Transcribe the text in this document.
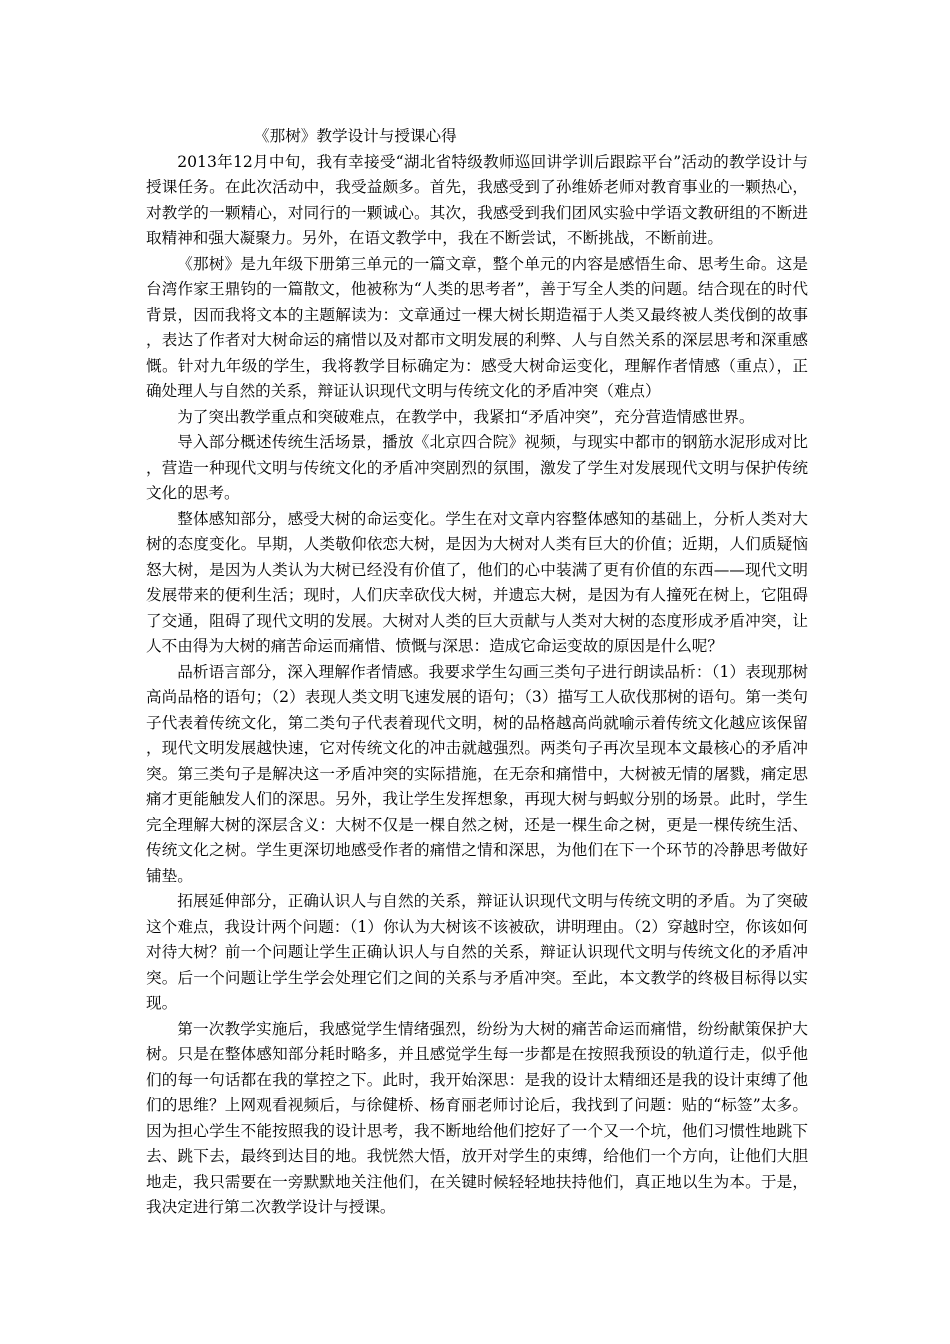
《那树》教学设计与授课心得

2013年12月中旬，我有幸接受“湖北省特级教师巡回讲学训后跟踪平台”活动的教学设计与授课任务。在此次活动中，我受益颇多。首先，我感受到了孙维娇老师对教育事业的一颗热心，对教学的一颗精心，对同行的一颗诚心。其次，我感受到我们团风实验中学语文教研组的不断进取精神和强大凝聚力。另外，在语文教学中，我在不断尝试，不断挑战，不断前进。

《那树》是九年级下册第三单元的一篇文章，整个单元的内容是感悟生命、思考生命。这是台湾作家王鼎钧的一篇散文，他被称为“人类的思考者”，善于写全人类的问题。结合现在的时代背景，因而我将文本的主题解读为：文章通过一棵大树长期造福于人类又最终被人类伐倒的故事，表达了作者对大树命运的痛惜以及对都市文明发展的利弊、人与自然关系的深层思考和深重感慨。针对九年级的学生，我将教学目标确定为：感受大树命运变化，理解作者情感（重点），正确处理人与自然的关系，辩证认识现代文明与传统文化的矛盾冲突（难点）

为了突出教学重点和突破难点，在教学中，我紧扣“矛盾冲突”，充分营造情感世界。

导入部分概述传统生活场景，播放《北京四合院》视频，与现实中都市的钢筋水泥形成对比，营造一种现代文明与传统文化的矛盾冲突剧烈的氛围，激发了学生对发展现代文明与保护传统文化的思考。

整体感知部分，感受大树的命运变化。学生在对文章内容整体感知的基础上，分析人类对大树的态度变化。早期，人类敬仰依恋大树，是因为大树对人类有巨大的价值；近期，人们质疑恼怒大树，是因为人类认为大树已经没有价值了，他们的心中装满了更有价值的东西——现代文明发展带来的便利生活；现时，人们庆幸砍伐大树，并遗忘大树，是因为有人撞死在树上，它阻碍了交通，阻碍了现代文明的发展。大树对人类的巨大贡献与人类对大树的态度形成矛盾冲突，让人不由得为大树的痛苦命运而痛惜、愤慨与深思：造成它命运变故的原因是什么呢？

品析语言部分，深入理解作者情感。我要求学生勾画三类句子进行朗读品析：（1）表现那树高尚品格的语句；（2）表现人类文明飞速发展的语句；（3）描写工人砍伐那树的语句。第一类句子代表着传统文化，第二类句子代表着现代文明，树的品格越高尚就喻示着传统文化越应该保留，现代文明发展越快速，它对传统文化的冲击就越强烈。两类句子再次呈现本文最核心的矛盾冲突。第三类句子是解决这一矛盾冲突的实际措施，在无奈和痛惜中，大树被无情的屠戮，痛定思痛才更能触发人们的深思。另外，我让学生发挥想象，再现大树与蚂蚁分别的场景。此时，学生完全理解大树的深层含义：大树不仅是一棵自然之树，还是一棵生命之树，更是一棵传统生活、传统文化之树。学生更深切地感受作者的痛惜之情和深思，为他们在下一个环节的冷静思考做好铺垫。

拓展延伸部分，正确认识人与自然的关系，辩证认识现代文明与传统文明的矛盾。为了突破这个难点，我设计两个问题：（1）你认为大树该不该被砍，讲明理由。（2）穿越时空，你该如何对待大树？前一个问题让学生正确认识人与自然的关系，辩证认识现代文明与传统文化的矛盾冲突。后一个问题让学生学会处理它们之间的关系与矛盾冲突。至此，本文教学的终极目标得以实现。

第一次教学实施后，我感觉学生情绪强烈，纷纷为大树的痛苦命运而痛惜，纷纷献策保护大树。只是在整体感知部分耗时略多，并且感觉学生每一步都是在按照我预设的轨道行走，似乎他们的每一句话都在我的掌控之下。此时，我开始深思：是我的设计太精细还是我的设计束缚了他们的思维？上网观看视频后，与徐健桥、杨育丽老师讨论后，我找到了问题：贴的“标签”太多。因为担心学生不能按照我的设计思考，我不断地给他们挖好了一个又一个坑，他们习惯性地跳下去、跳下去，最终到达目的地。我恍然大悟，放开对学生的束缚，给他们一个方向，让他们大胆地走，我只需要在一旁默默地关注他们，在关键时候轻轻地扶持他们，真正地以生为本。于是，我决定进行第二次教学设计与授课。
